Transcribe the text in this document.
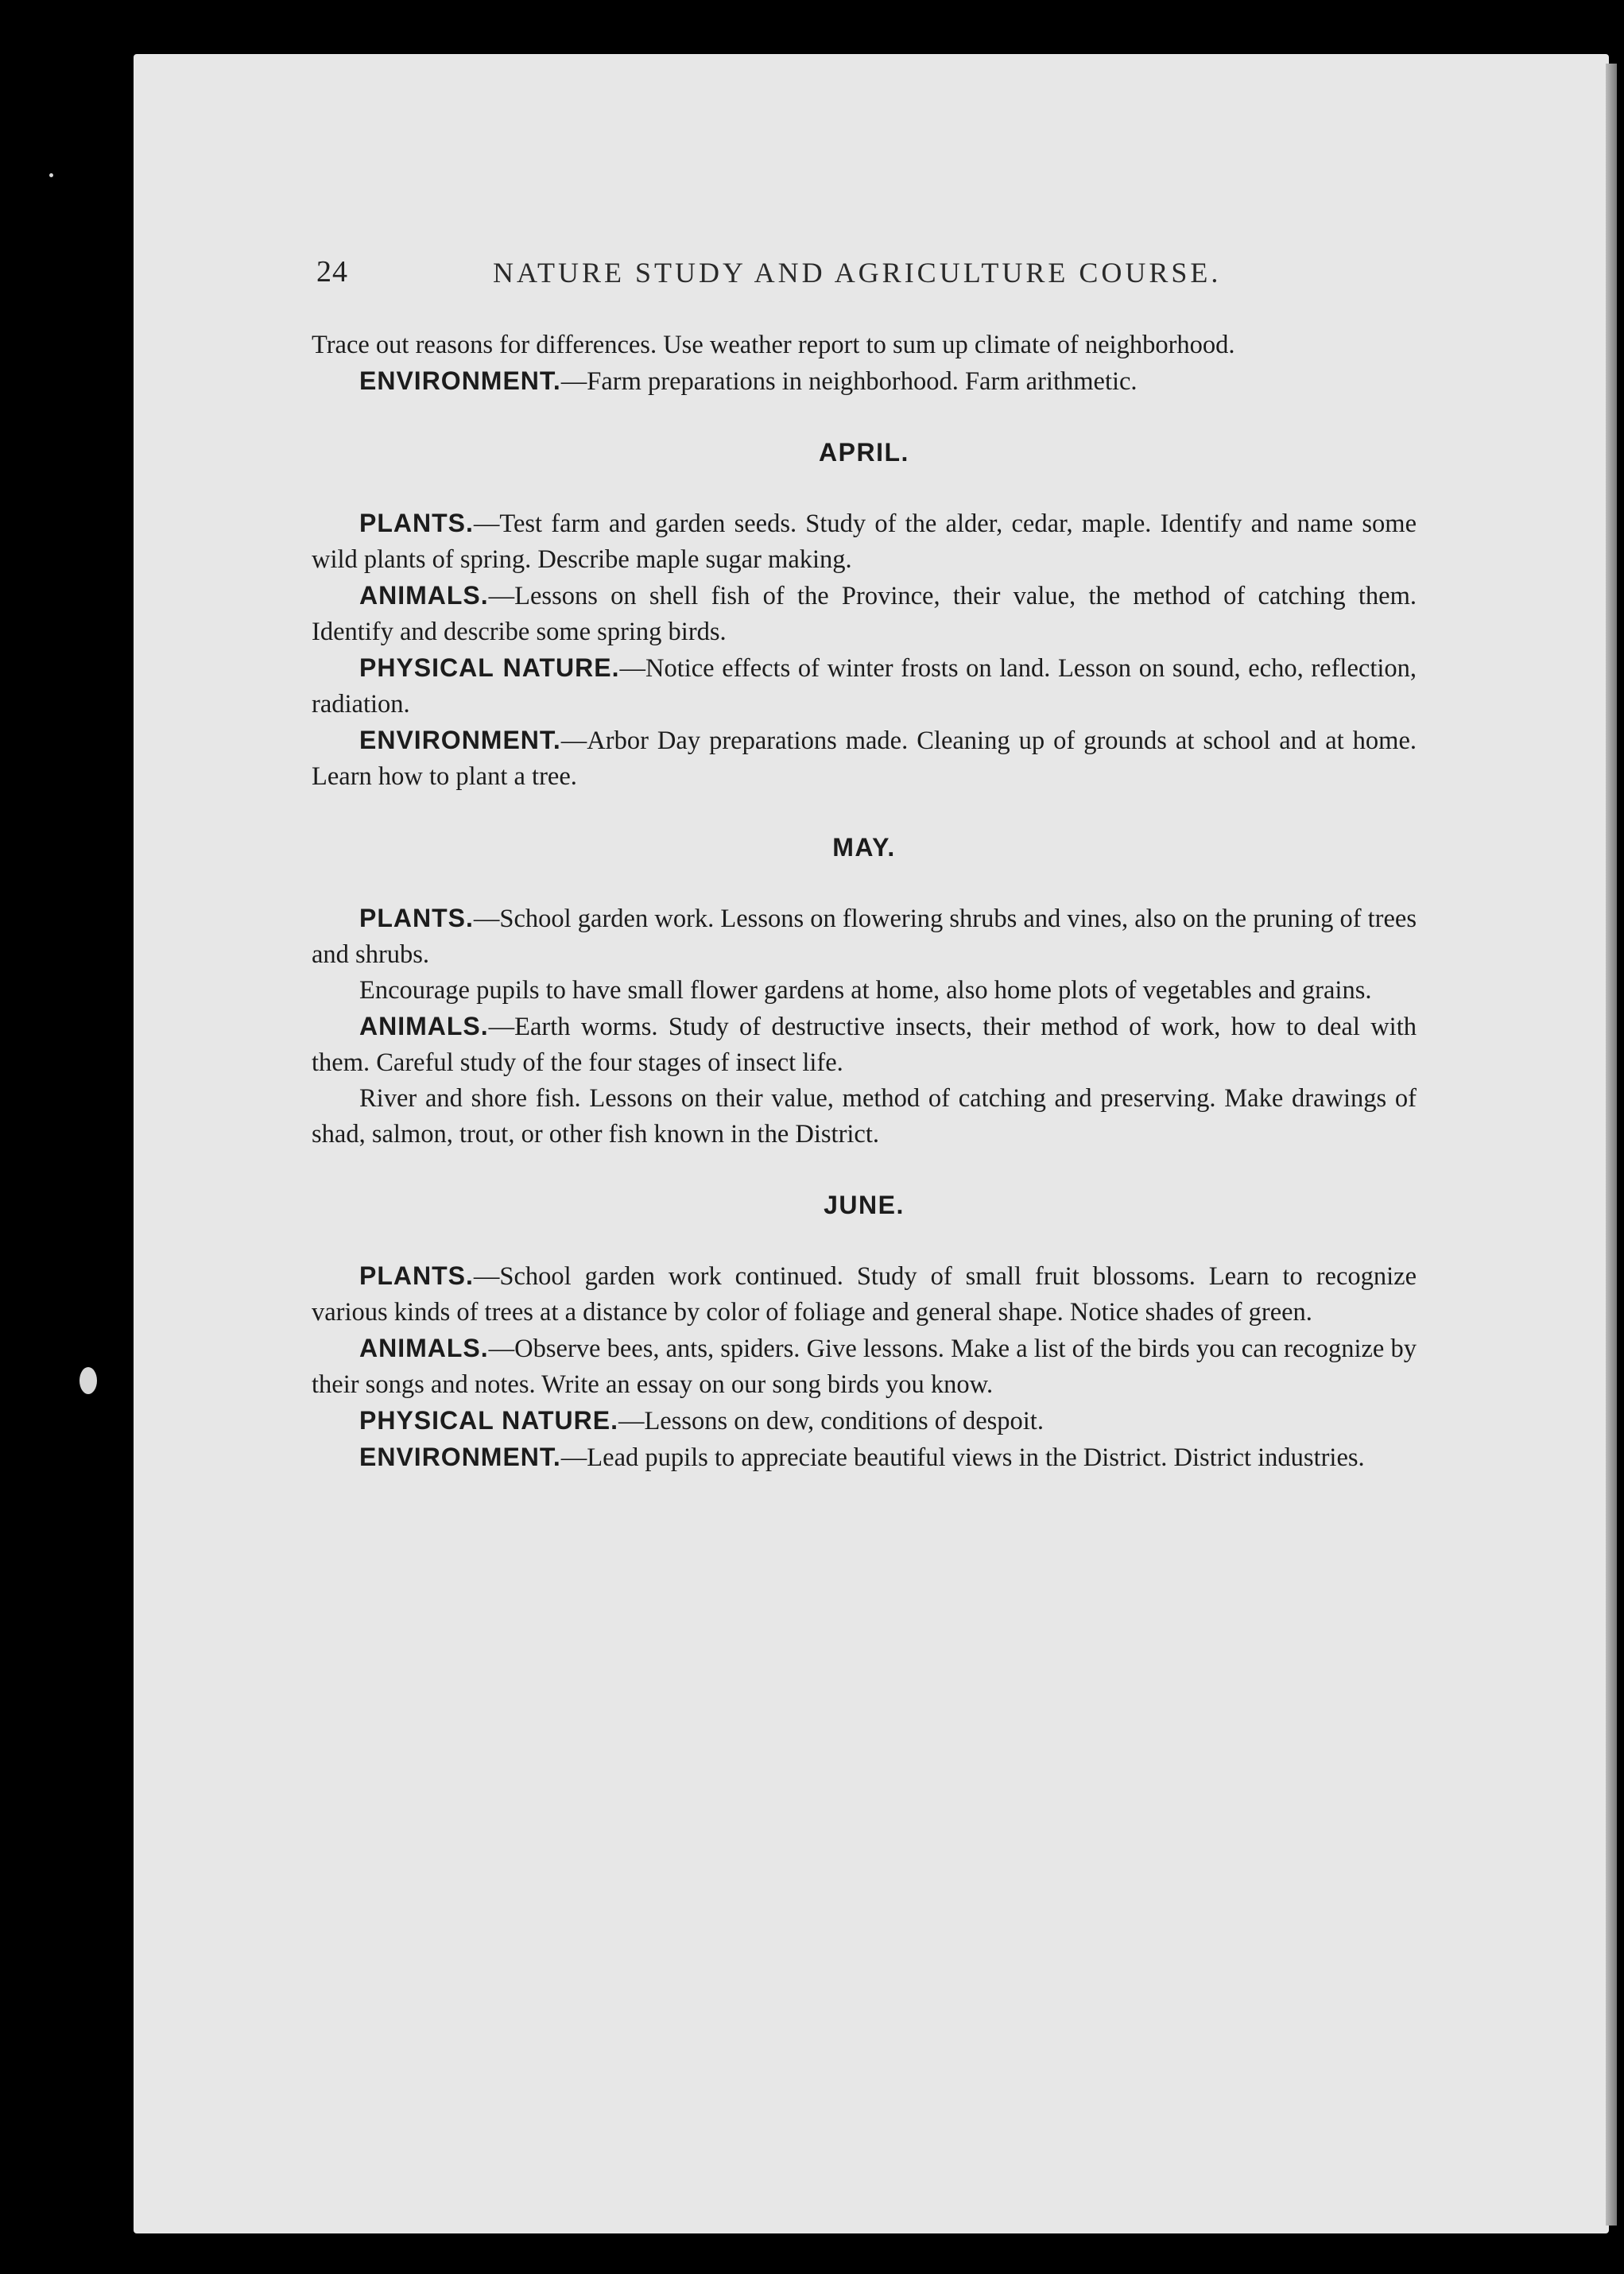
24	NATURE STUDY AND AGRICULTURE COURSE.

Trace out reasons for differences. Use weather report to sum up climate of neighborhood.

ENVIRONMENT.—Farm preparations in neighborhood. Farm arithmetic.

APRIL.

PLANTS.—Test farm and garden seeds. Study of the alder, cedar, maple. Identify and name some wild plants of spring. Describe maple sugar making.

ANIMALS.—Lessons on shell fish of the Province, their value, the method of catching them. Identify and describe some spring birds.

PHYSICAL NATURE.—Notice effects of winter frosts on land. Lesson on sound, echo, reflection, radiation.

ENVIRONMENT.—Arbor Day preparations made. Cleaning up of grounds at school and at home. Learn how to plant a tree.

MAY.

PLANTS.—School garden work. Lessons on flowering shrubs and vines, also on the pruning of trees and shrubs.

Encourage pupils to have small flower gardens at home, also home plots of vegetables and grains.

ANIMALS.—Earth worms. Study of destructive insects, their method of work, how to deal with them. Careful study of the four stages of insect life.

River and shore fish. Lessons on their value, method of catching and preserving. Make drawings of shad, salmon, trout, or other fish known in the District.

JUNE.

PLANTS.—School garden work continued. Study of small fruit blossoms. Learn to recognize various kinds of trees at a distance by color of foliage and general shape. Notice shades of green.

ANIMALS.—Observe bees, ants, spiders. Give lessons. Make a list of the birds you can recognize by their songs and notes. Write an essay on our song birds you know.

PHYSICAL NATURE.—Lessons on dew, conditions of despoit.

ENVIRONMENT.—Lead pupils to appreciate beautiful views in the District. District industries.
